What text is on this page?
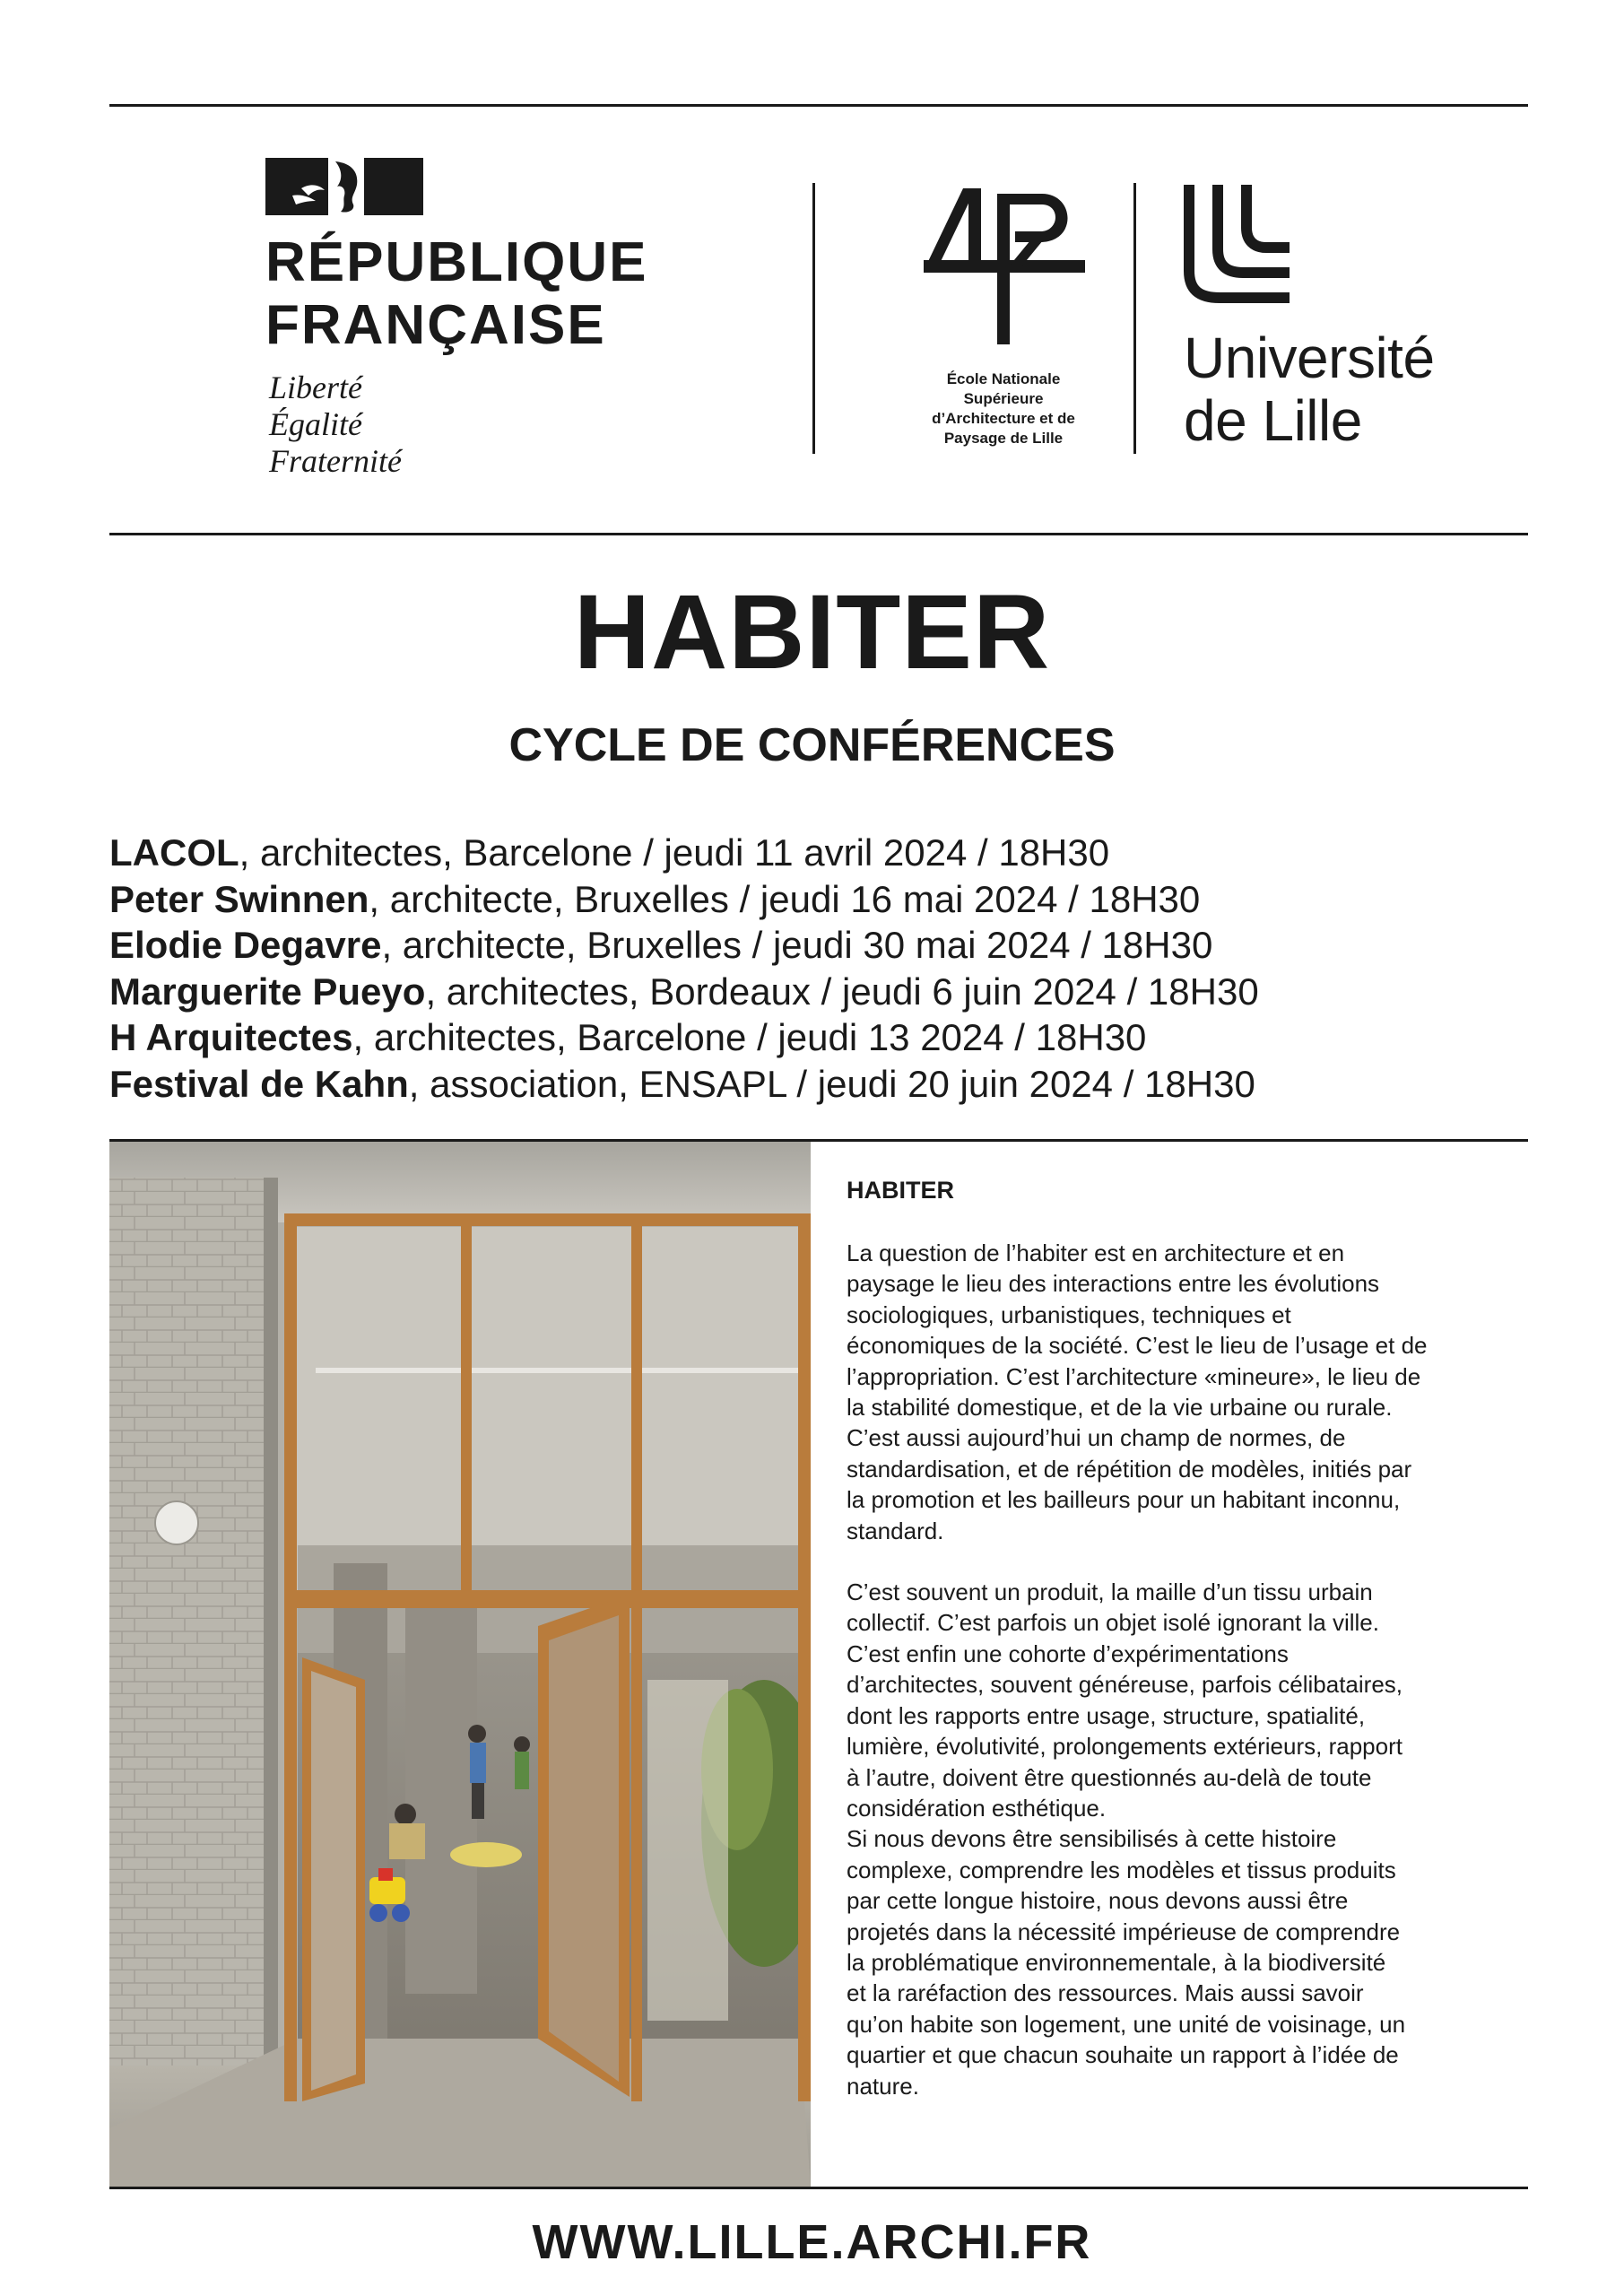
RÉPUBLIQUE
FRANÇAISE
Liberté
Égalité
Fraternité
École Nationale
Supérieure
d’Architecture et de
Paysage de Lille
Université
de Lille
HABITER
CYCLE DE CONFÉRENCES
LACOL, architectes, Barcelone / jeudi 11 avril 2024 / 18H30
Peter Swinnen, architecte, Bruxelles / jeudi 16 mai 2024 / 18H30
Elodie Degavre, architecte, Bruxelles / jeudi 30 mai 2024 / 18H30
Marguerite Pueyo, architectes, Bordeaux / jeudi 6 juin 2024 / 18H30
H Arquitectes, architectes, Barcelone / jeudi 13 2024 / 18H30
Festival de Kahn, association, ENSAPL / jeudi 20 juin 2024 / 18H30
HABITER

La question de l’habiter est en architecture et en
paysage le lieu des interactions entre les évolutions
sociologiques, urbanistiques, techniques et
économiques de la société. C’est le lieu de l’usage et de
l’appropriation. C’est l’architecture «mineure», le lieu de
la stabilité domestique, et de la vie urbaine ou rurale.
C’est aussi aujourd’hui un champ de normes, de
standardisation, et de répétition de modèles, initiés par
la promotion et les bailleurs pour un habitant inconnu,
standard.

C’est souvent un produit, la maille d’un tissu urbain
collectif. C’est parfois un objet isolé ignorant la ville.
C’est enfin une cohorte d’expérimentations
d’architectes, souvent généreuse, parfois célibataires,
dont les rapports entre usage, structure, spatialité,
lumière, évolutivité, prolongements extérieurs, rapport
à l’autre, doivent être questionnés au-delà de toute
considération esthétique.
Si nous devons être sensibilisés à cette histoire
complexe, comprendre les modèles et tissus produits
par cette longue histoire, nous devons aussi être
projetés dans la nécessité impérieuse de comprendre
la problématique environnementale, à la biodiversité
et la raréfaction des ressources. Mais aussi savoir
qu’on habite son logement, une unité de voisinage, un
quartier et que chacun souhaite un rapport à l’idée de
nature.

WWW.LILLE.ARCHI.FR
